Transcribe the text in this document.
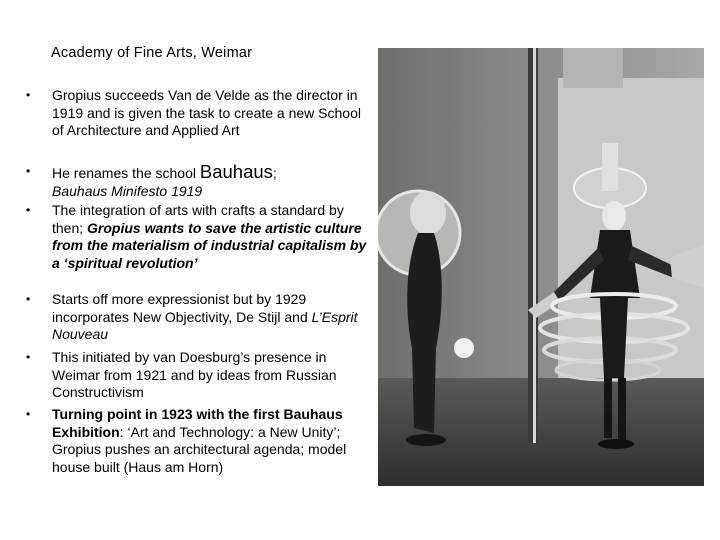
Academy of Fine Arts, Weimar
• Gropius succeeds Van de Velde as the director in 1919 and is given the task to create a new School of Architecture and Applied Art
• He renames the school Bauhaus;
Bauhaus Minifesto 1919
• The integration of arts with crafts a standard by then; Gropius wants to save the artistic culture from the materialism of industrial capitalism by a ‘spiritual revolution’
• Starts off more expressionist but by 1929 incorporates New Objectivity, De Stijl and L’Esprit Nouveau
• This initiated by van Doesburg’s presence in Weimar from 1921 and by ideas from Russian Constructivism
• Turning point in 1923 with the first Bauhaus Exhibition: ‘Art and Technology: a New Unity’; Gropius pushes an architectural agenda; model house built (Haus am Horn)
